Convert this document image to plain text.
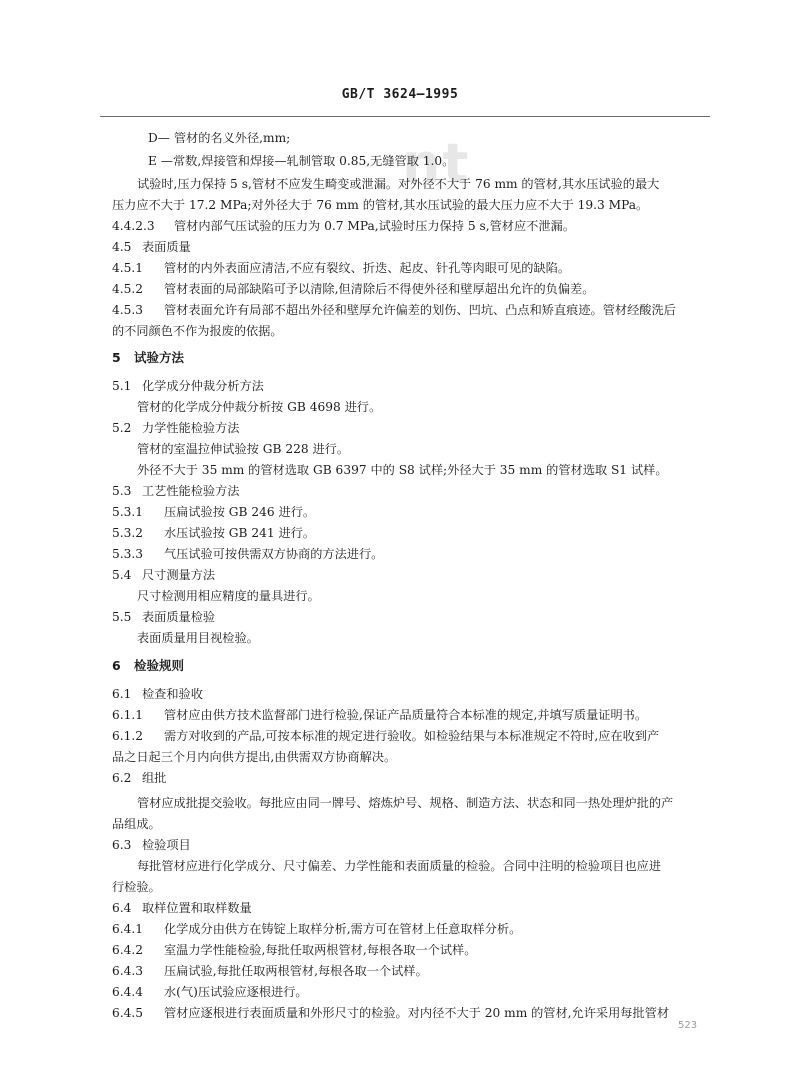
GB/T 3624—1995
nt
D— 管材的名义外径,mm;
E —常数,焊接管和焊接—轧制管取 0.85,无缝管取 1.0。
试验时,压力保持 5 s,管材不应发生畸变或泄漏。对外径不大于 76 mm 的管材,其水压试验的最大
压力应不大于 17.2 MPa;对外径大于 76 mm 的管材,其水压试验的最大压力应不大于 19.3 MPa。
4.4.2.3 管材内部气压试验的压力为 0.7 MPa,试验时压力保持 5 s,管材应不泄漏。
4.5 表面质量
4.5.1 管材的内外表面应清洁,不应有裂纹、折迭、起皮、针孔等肉眼可见的缺陷。
4.5.2 管材表面的局部缺陷可予以清除,但清除后不得使外径和壁厚超出允许的负偏差。
4.5.3 管材表面允许有局部不超出外径和壁厚允许偏差的划伤、凹坑、凸点和矫直痕迹。管材经酸洗后
的不同颜色不作为报废的依据。
5 试验方法
5.1 化学成分仲裁分析方法
管材的化学成分仲裁分析按 GB 4698 进行。
5.2 力学性能检验方法
管材的室温拉伸试验按 GB 228 进行。
外径不大于 35 mm 的管材选取 GB 6397 中的 S8 试样;外径大于 35 mm 的管材选取 S1 试样。
5.3 工艺性能检验方法
5.3.1 压扁试验按 GB 246 进行。
5.3.2 水压试验按 GB 241 进行。
5.3.3 气压试验可按供需双方协商的方法进行。
5.4 尺寸测量方法
尺寸检测用相应精度的量具进行。
5.5 表面质量检验
表面质量用目视检验。
6 检验规则
6.1 检查和验收
6.1.1 管材应由供方技术监督部门进行检验,保证产品质量符合本标准的规定,并填写质量证明书。
6.1.2 需方对收到的产品,可按本标准的规定进行验收。如检验结果与本标准规定不符时,应在收到产
品之日起三个月内向供方提出,由供需双方协商解决。
6.2 组批
管材应成批提交验收。每批应由同一牌号、熔炼炉号、规格、制造方法、状态和同一热处理炉批的产
品组成。
6.3 检验项目
每批管材应进行化学成分、尺寸偏差、力学性能和表面质量的检验。合同中注明的检验项目也应进
行检验。
6.4 取样位置和取样数量
6.4.1 化学成分由供方在铸锭上取样分析,需方可在管材上任意取样分析。
6.4.2 室温力学性能检验,每批任取两根管材,每根各取一个试样。
6.4.3 压扁试验,每批任取两根管材,每根各取一个试样。
6.4.4 水(气)压试验应逐根进行。
6.4.5 管材应逐根进行表面质量和外形尺寸的检验。对内径不大于 20 mm 的管材,允许采用每批管材
523
